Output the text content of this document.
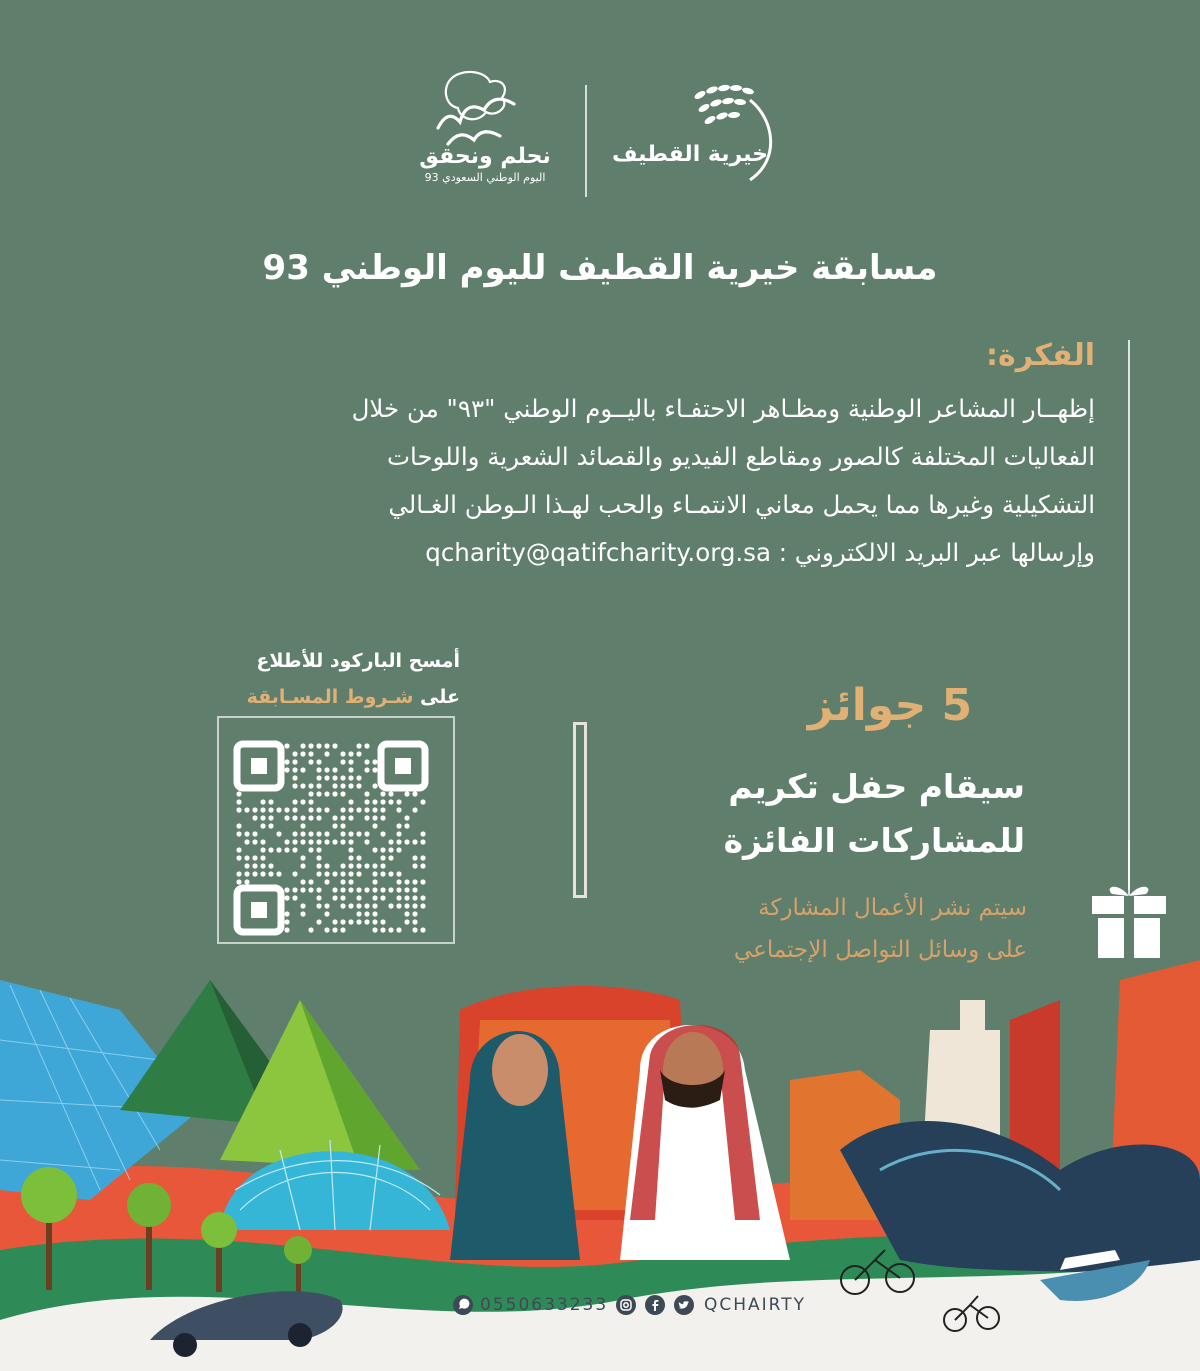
نحلم ونحقق
اليوم الوطني السعودي 93
خيرية القطيف
مسابقة خيرية القطيف لليوم الوطني 93
الفكرة:
إظهــار المشاعر الوطنية ومظـاهر الاحتفـاء باليــوم الوطني "٩٣" من خلال
الفعاليات المختلفة كالصور ومقاطع الفيديو والقصائد الشعرية واللوحات
التشكيلية وغيرها مما يحمل معاني الانتمـاء والحب لهـذا الـوطن الغـالي
وإرسالها عبر البريد الالكتروني : qcharity@qatifcharity.org.sa
أمسح الباركود للأطلاع
على شـروط المسـابقة	5 جوائز
سيقام حفل تكريم
للمشاركات الفائزة
سيتم نشر الأعمال المشاركة
على وسائل التواصل الإجتماعي
0550633233	QCHAIRTY
